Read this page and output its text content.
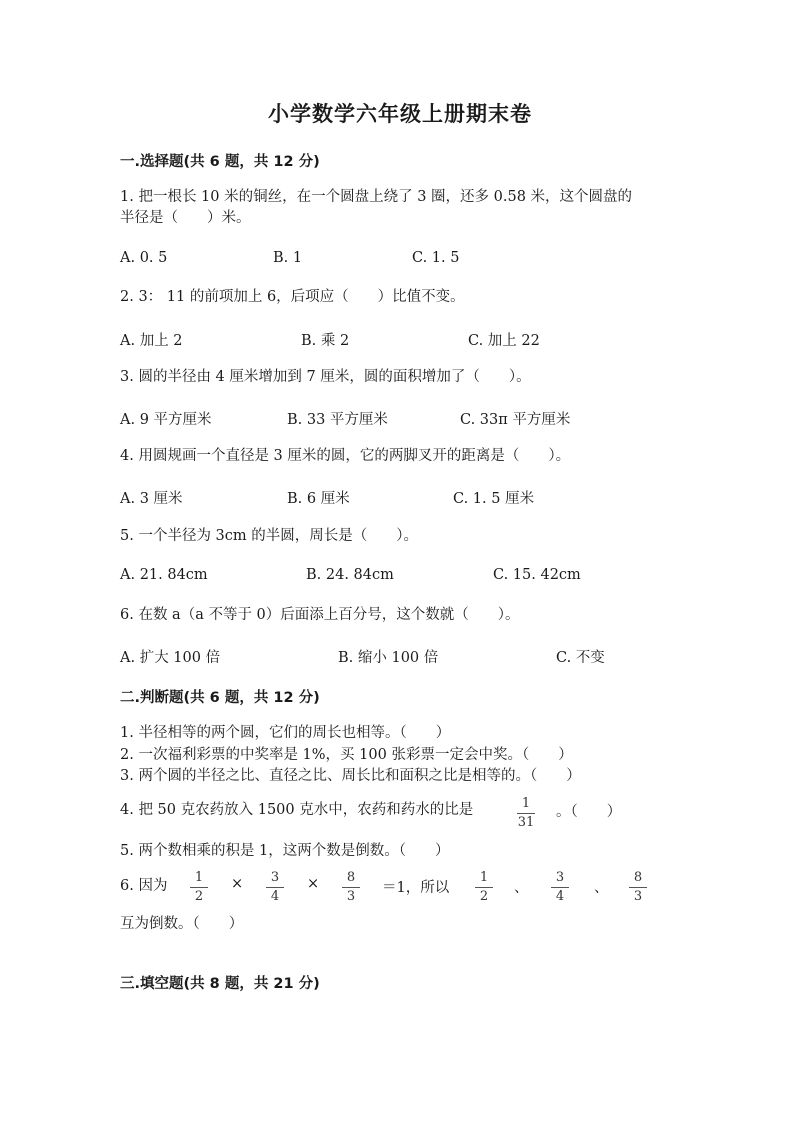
小学数学六年级上册期末卷
一.选择题(共 6 题，共 12 分)
1. 把一根长 10 米的铜丝，在一个圆盘上绕了 3 圈，还多 0.58 米，这个圆盘的
半径是（　　）米。
A. 0. 5	B. 1	C. 1. 5
2. 3： 11 的前项加上 6，后项应（　　）比值不变。
A. 加上 2	B. 乘 2	C. 加上 22
3. 圆的半径由 4 厘米增加到 7 厘米，圆的面积增加了（　　）。
A. 9 平方厘米	B. 33 平方厘米	C. 33π 平方厘米
4. 用圆规画一个直径是 3 厘米的圆，它的两脚叉开的距离是（　　）。
A. 3 厘米	B. 6 厘米	C. 1. 5 厘米
5. 一个半径为 3cm 的半圆，周长是（　　）。
A. 21. 84cm	B. 24. 84cm	C. 15. 42cm
6. 在数 a（a 不等于 0）后面添上百分号，这个数就（　　）。
A. 扩大 100 倍	B. 缩小 100 倍	C. 不变
二.判断题(共 6 题，共 12 分)
1. 半径相等的两个圆，它们的周长也相等。（　　）
2. 一次福利彩票的中奖率是 1%，买 100 张彩票一定会中奖。（　　）
3. 两个圆的半径之比、直径之比、周长比和面积之比是相等的。（　　）
4. 把 50 克农药放入 1500 克水中，农药和药水的比是	1
31
。（　　）
5. 两个数相乘的积是 1，这两个数是倒数。（　　）
6. 因为
1
2
×	3
4
×	8
3
＝1，所以
1
2
、
3
4
、
8
3
互为倒数。（　　）
三.填空题(共 8 题，共 21 分)
